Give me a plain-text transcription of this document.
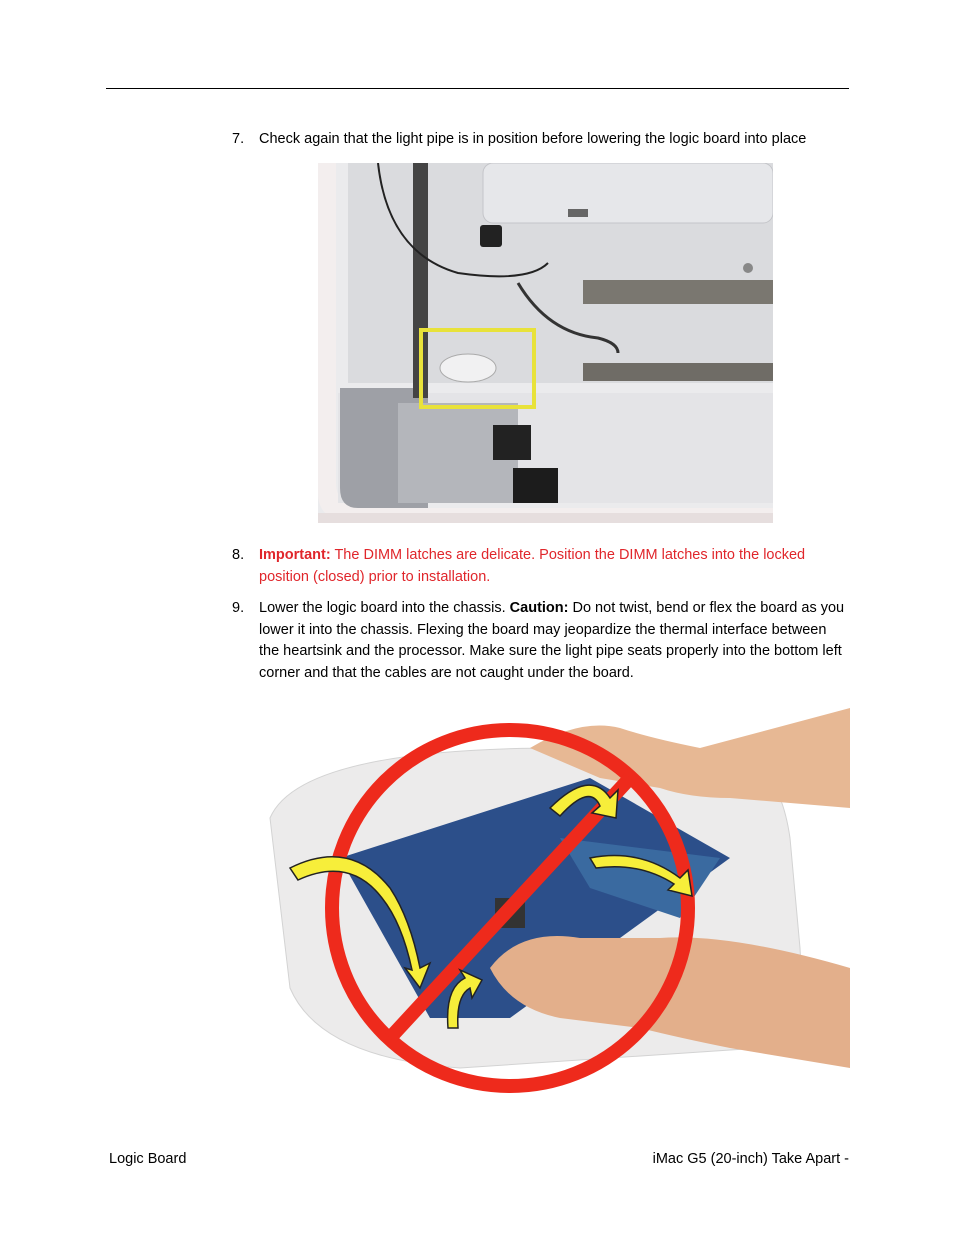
7. Check again that the light pipe is in position before lowering the logic board into place
8. Important: The DIMM latches are delicate. Position the DIMM latches into the locked position (closed) prior to installation.
9. Lower the logic board into the chassis. Caution: Do not twist, bend or flex the board as you lower it into the chassis. Flexing the board may jeopardize the thermal interface between the heartsink and the processor. Make sure the light pipe seats properly into the bottom left corner and that the cables are not caught under the board.
Logic Board	iMac G5 (20-inch) Take Apart -
